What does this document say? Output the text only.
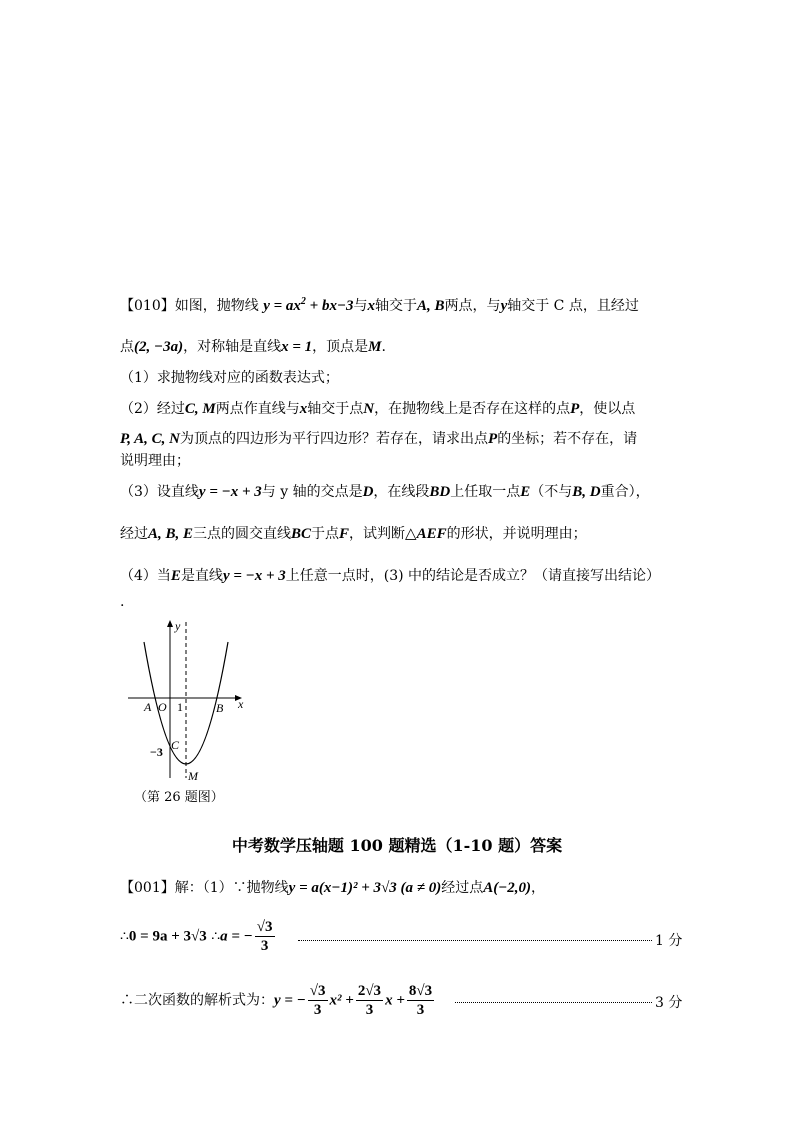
【010】如图，抛物线 $y = ax^2 + bx-3$与x轴交于A, B两点，与y轴交于 C 点，且经过
点(2, −3a)，对称轴是直线x = 1，顶点是M.
（1）求抛物线对应的函数表达式；
（2）经过C, M两点作直线与x轴交于点N，在抛物线上是否存在这样的点P，使以点
P, A, C, N为顶点的四边形为平行四边形？若存在，请求出点P的坐标；若不存在，请
说明理由；
（3）设直线y = −x + 3与 y 轴的交点是D，在线段BD上任取一点E（不与B, D重合），
经过A, B, E三点的圆交直线BC于点F，试判断△AEF的形状，并说明理由；
（4）当E是直线y = −x + 3上任意一点时，(3) 中的结论是否成立？（请直接写出结论）
.
y
x
A O 1	B
C
−3
M
（第 26 题图）
中考数学压轴题 100 题精选（1-10 题）答案
【001】解：（1）∵抛物线y = a(x−1)² + 3√3 (a ≠ 0)经过点A(−2,0)，
∴0 = 9a + 3√3 ∴a = − $\frac{√3}{3}$	1 分
∴二次函数的解析式为：y = − $\frac{√3}{3} x^2 + \frac{2√3}{3}$ $x + \frac{8√3}{3}$	3 分
